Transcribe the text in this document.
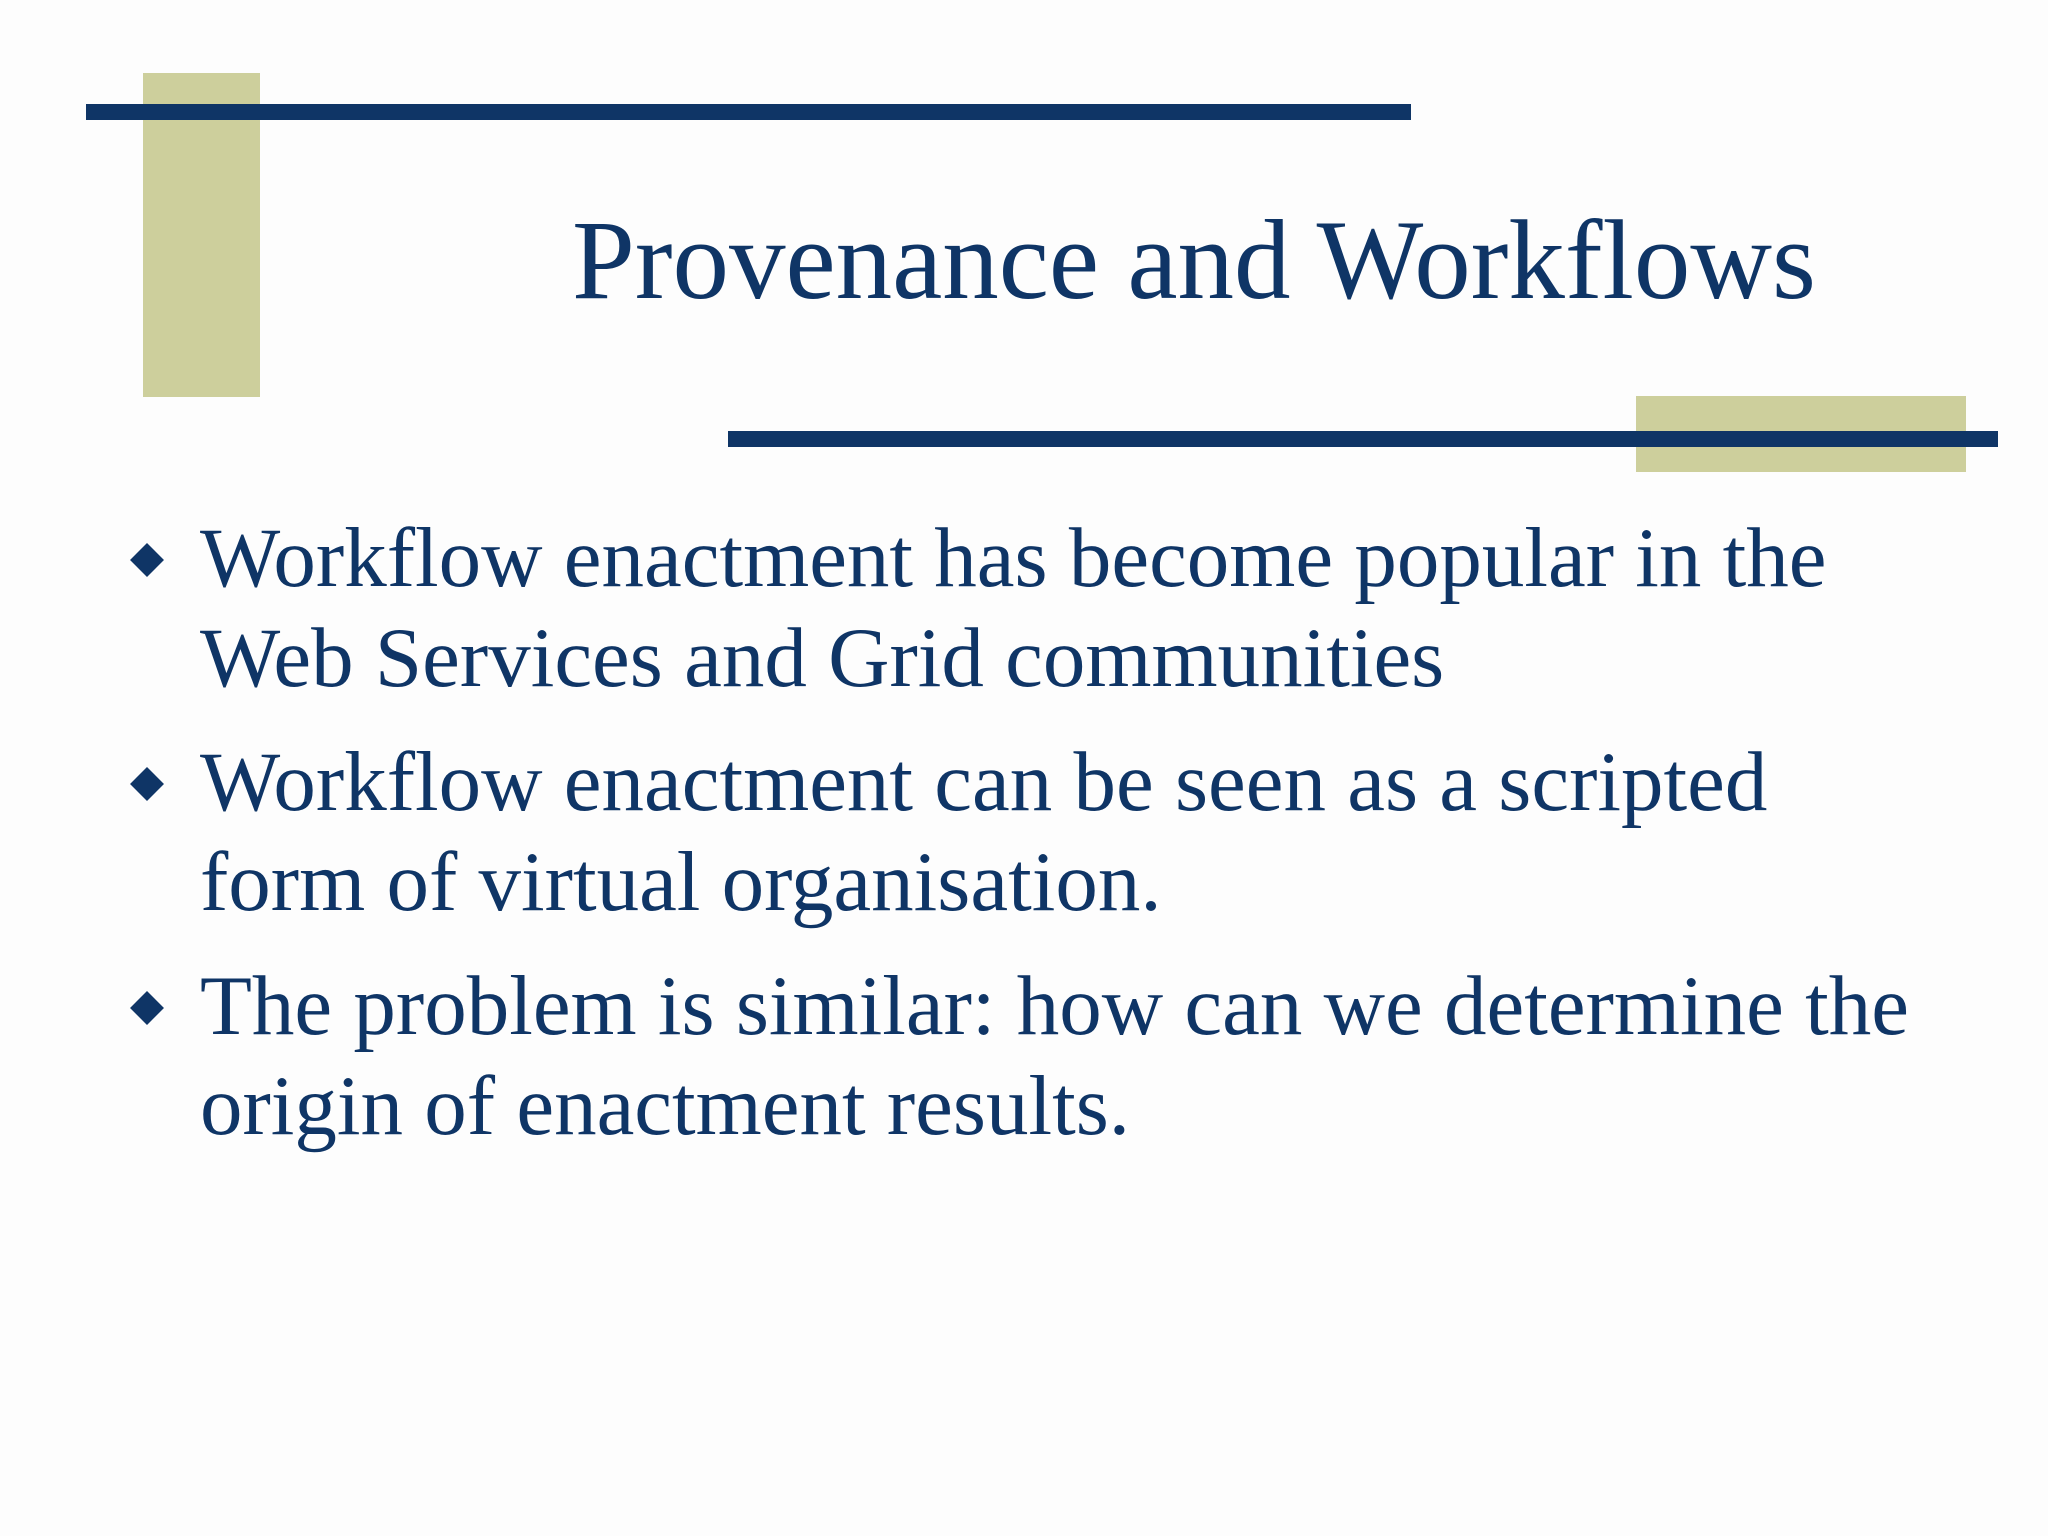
Provenance and Workflows
Workflow enactment has become popular in the Web Services and Grid communities
Workflow enactment can be seen as a scripted form of virtual organisation.
The problem is similar: how can we determine the origin of enactment results.
